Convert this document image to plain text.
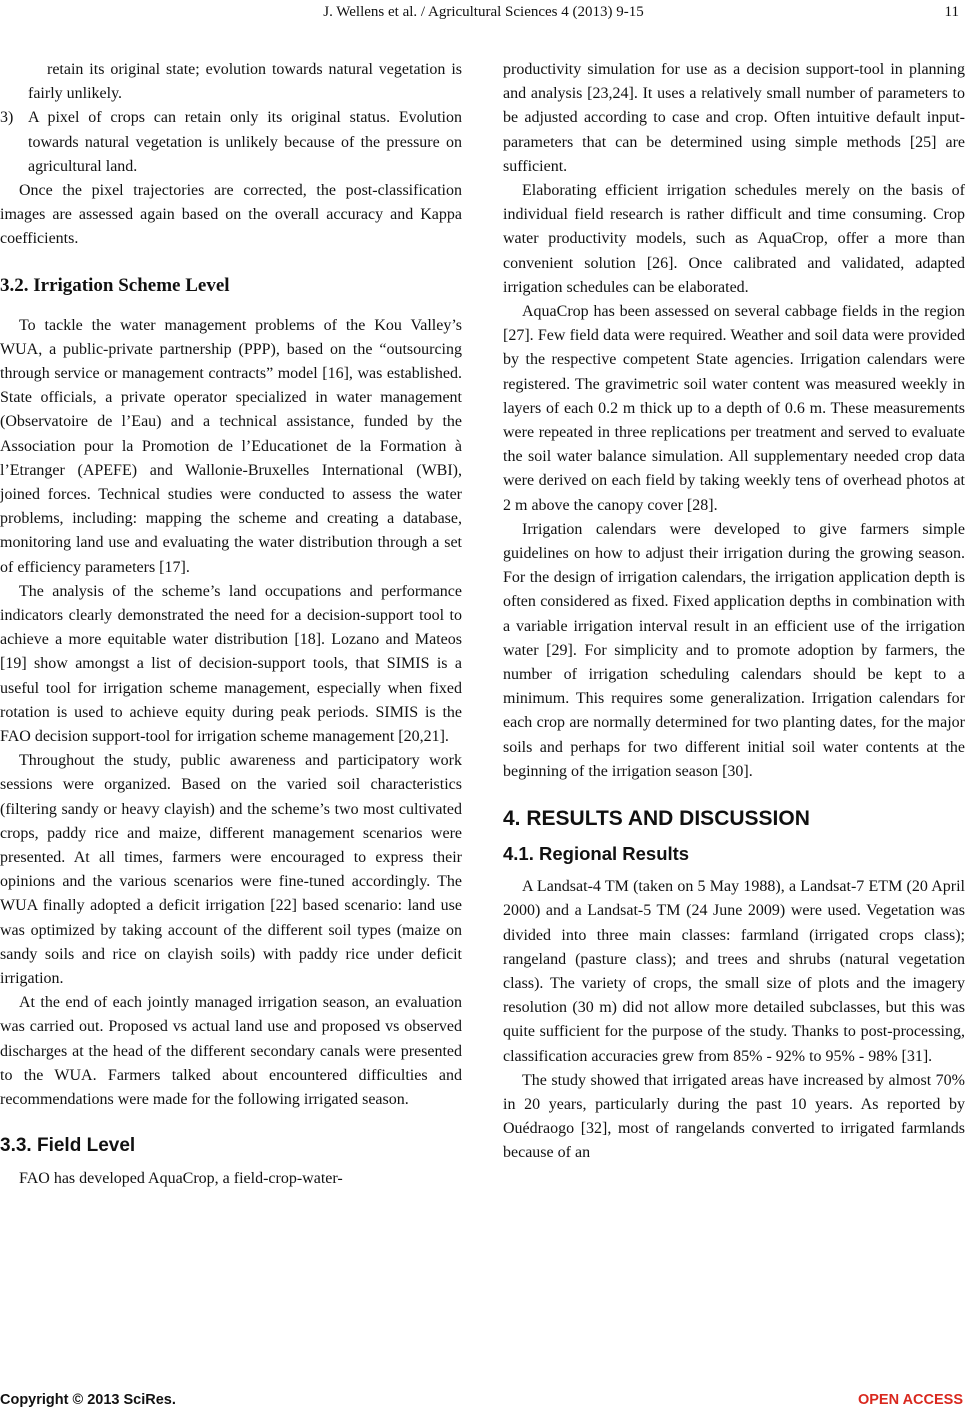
J. Wellens et al. / Agricultural Sciences 4 (2013) 9-15	11

retain its original state; evolution towards natural vegetation is fairly unlikely.

3) A pixel of crops can retain only its original status. Evolution towards natural vegetation is unlikely because of the pressure on agricultural land.

Once the pixel trajectories are corrected, the post-classification images are assessed again based on the overall accuracy and Kappa coefficients.

3.2. Irrigation Scheme Level

To tackle the water management problems of the Kou Valley’s WUA, a public-private partnership (PPP), based on the “outsourcing through service or management contracts” model [16], was established. State officials, a private operator specialized in water management (Observatoire de l’Eau) and a technical assistance, funded by the Association pour la Promotion de l’Educationet de la Formation à l’Etranger (APEFE) and Wallonie-Bruxelles International (WBI), joined forces. Technical studies were conducted to assess the water problems, including: mapping the scheme and creating a database, monitoring land use and evaluating the water distribution through a set of efficiency parameters [17].

The analysis of the scheme’s land occupations and performance indicators clearly demonstrated the need for a decision-support tool to achieve a more equitable water distribution [18]. Lozano and Mateos [19] show amongst a list of decision-support tools, that SIMIS is a useful tool for irrigation scheme management, especially when fixed rotation is used to achieve equity during peak periods. SIMIS is the FAO decision support-tool for irrigation scheme management [20,21].

Throughout the study, public awareness and participatory work sessions were organized. Based on the varied soil characteristics (filtering sandy or heavy clayish) and the scheme’s two most cultivated crops, paddy rice and maize, different management scenarios were presented. At all times, farmers were encouraged to express their opinions and the various scenarios were fine-tuned accordingly. The WUA finally adopted a deficit irrigation [22] based scenario: land use was optimized by taking account of the different soil types (maize on sandy soils and rice on clayish soils) with paddy rice under deficit irrigation.

At the end of each jointly managed irrigation season, an evaluation was carried out. Proposed vs actual land use and proposed vs observed discharges at the head of the different secondary canals were presented to the WUA. Farmers talked about encountered difficulties and recommendations were made for the following irrigated season.

3.3. Field Level

FAO has developed AquaCrop, a field-crop-water-

productivity simulation for use as a decision support-tool in planning and analysis [23,24]. It uses a relatively small number of parameters to be adjusted according to case and crop. Often intuitive default input-parameters that can be determined using simple methods [25] are sufficient.

Elaborating efficient irrigation schedules merely on the basis of individual field research is rather difficult and time consuming. Crop water productivity models, such as AquaCrop, offer a more than convenient solution [26]. Once calibrated and validated, adapted irrigation schedules can be elaborated.

AquaCrop has been assessed on several cabbage fields in the region [27]. Few field data were required. Weather and soil data were provided by the respective competent State agencies. Irrigation calendars were registered. The gravimetric soil water content was measured weekly in layers of each 0.2 m thick up to a depth of 0.6 m. These measurements were repeated in three replications per treatment and served to evaluate the soil water balance simulation. All supplementary needed crop data were derived on each field by taking weekly tens of overhead photos at 2 m above the canopy cover [28].

Irrigation calendars were developed to give farmers simple guidelines on how to adjust their irrigation during the growing season. For the design of irrigation calendars, the irrigation application depth is often considered as fixed. Fixed application depths in combination with a variable irrigation interval result in an efficient use of the irrigation water [29]. For simplicity and to promote adoption by farmers, the number of irrigation scheduling calendars should be kept to a minimum. This requires some generalization. Irrigation calendars for each crop are normally determined for two planting dates, for the major soils and perhaps for two different initial soil water contents at the beginning of the irrigation season [30].

4. RESULTS AND DISCUSSION
4.1. Regional Results

A Landsat-4 TM (taken on 5 May 1988), a Landsat-7 ETM (20 April 2000) and a Landsat-5 TM (24 June 2009) were used. Vegetation was divided into three main classes: farmland (irrigated crops class); rangeland (pasture class); and trees and shrubs (natural vegetation class). The variety of crops, the small size of plots and the imagery resolution (30 m) did not allow more detailed subclasses, but this was quite sufficient for the purpose of the study. Thanks to post-processing, classification accuracies grew from 85% - 92% to 95% - 98% [31].

The study showed that irrigated areas have increased by almost 70% in 20 years, particularly during the past 10 years. As reported by Ouédraogo [32], most of rangelands converted to irrigated farmlands because of an

Copyright © 2013 SciRes.	OPEN ACCESS
